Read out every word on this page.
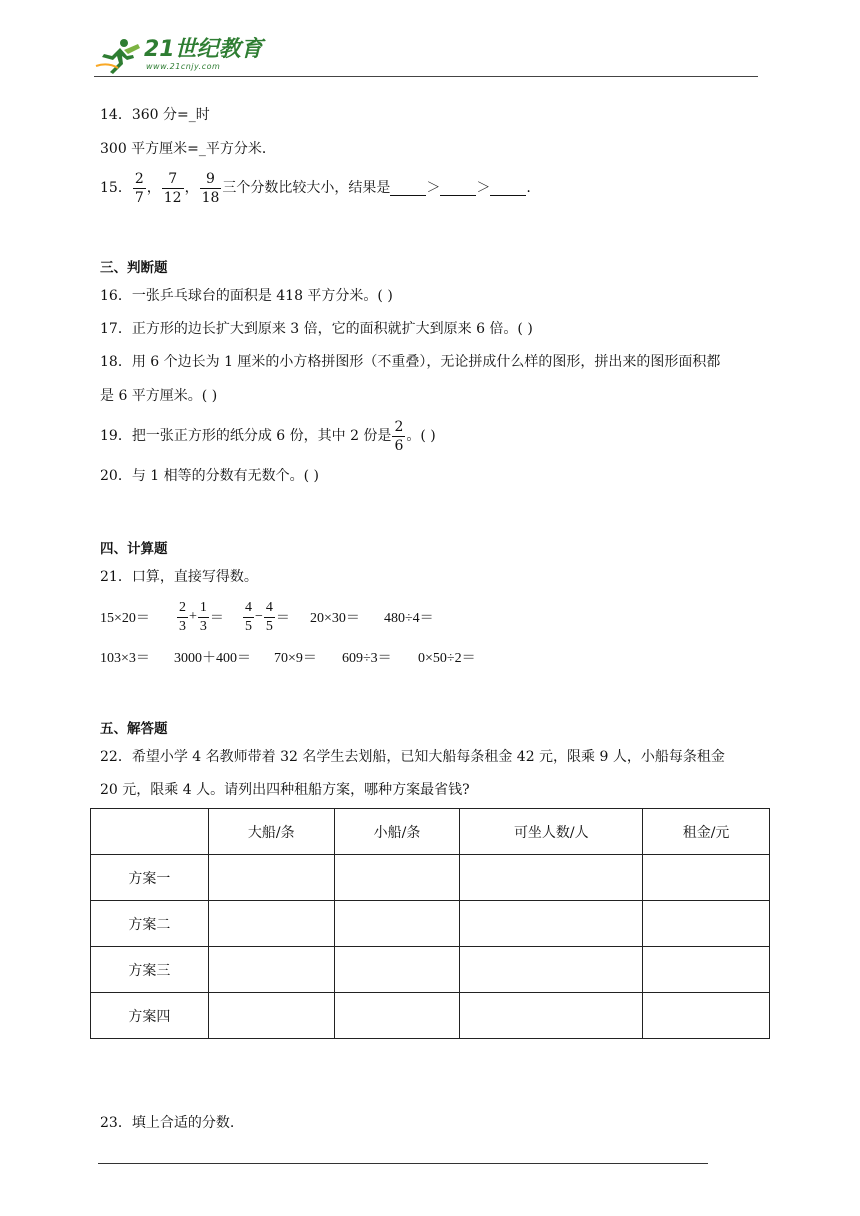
21世纪教育
www.21cnjy.com
14．360 分=_时
300 平方厘米=_平方分米．
15． $\frac{2}{7}$ ， $\frac{7}{12}$ ， $\frac{9}{18}$ 三个分数比较大小，结果是	＞	＞	.
三、判断题
16．一张乒乓球台的面积是 418 平方分米。( )
17．正方形的边长扩大到原来 3 倍，它的面积就扩大到原来 6 倍。( )
18．用 6 个边长为 1 厘米的小方格拼图形（不重叠），无论拼成什么样的图形，拼出来的图形面积都
是 6 平方厘米。( )
19．把一张正方形的纸分成 6 份，其中 2 份是 $\frac{2}{6}$ 。( )
20．与 1 相等的分数有无数个。( )
四、计算题
21．口算，直接写得数。
$15\times 20= \frac{2}{3} + \frac{1}{3} = \frac{4}{5} - \frac{4}{5} = 20\times 30= 480\div 4=$
103×3＝ 3000＋400＝ 70×9＝ 609÷3＝ 0×50÷2＝
五、解答题
22．希望小学 4 名教师带着 32 名学生去划船，已知大船每条租金 42 元，限乘 9 人，小船每条租金
20 元，限乘 4 人。请列出四种租船方案，哪种方案最省钱?
	大船/条	小船/条	可坐人数/人	租金/元
方案一				
方案二				
方案三				
方案四				
23．填上合适的分数.
